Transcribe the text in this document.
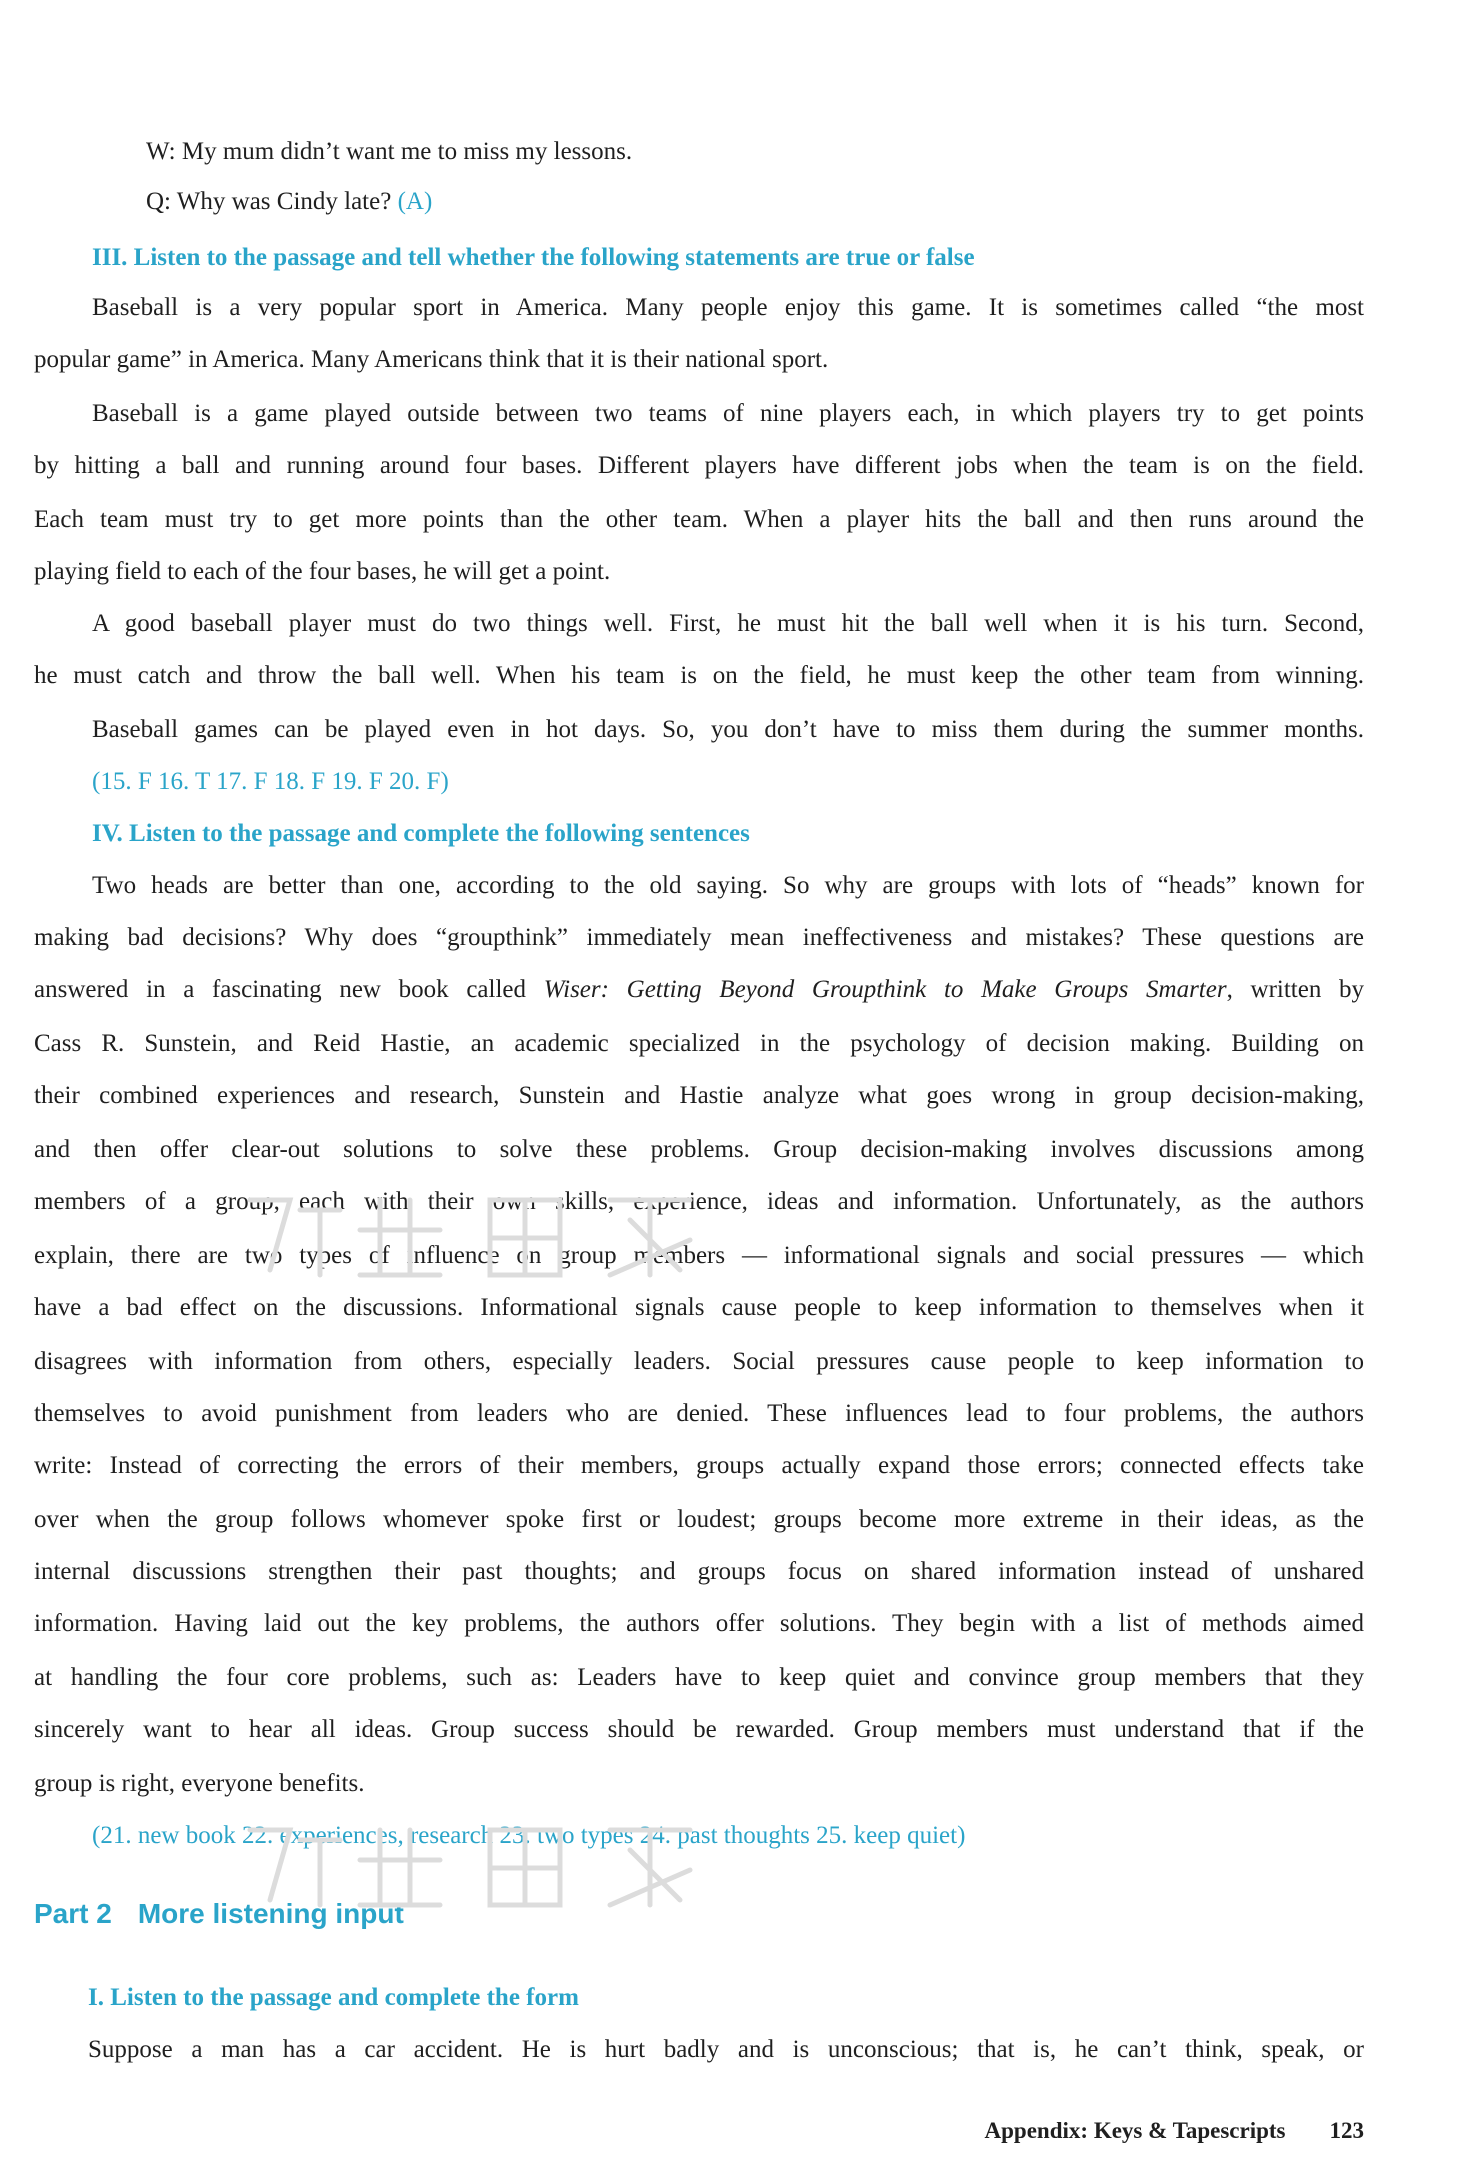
W: My mum didn’t want me to miss my lessons.
Q: Why was Cindy late? (A)
III. Listen to the passage and tell whether the following statements are true or false
Baseball is a very popular sport in America. Many people enjoy this game. It is sometimes called “the most
popular game” in America. Many Americans think that it is their national sport.
Baseball is a game played outside between two teams of nine players each, in which players try to get points
by hitting a ball and running around four bases. Different players have different jobs when the team is on the field.
Each team must try to get more points than the other team. When a player hits the ball and then runs around the
playing field to each of the four bases, he will get a point.
A good baseball player must do two things well. First, he must hit the ball well when it is his turn. Second,
he must catch and throw the ball well. When his team is on the field, he must keep the other team from winning.
Baseball games can be played even in hot days. So, you don’t have to miss them during the summer months.
(15. F 16. T 17. F 18. F 19. F 20. F)
IV. Listen to the passage and complete the following sentences
Two heads are better than one, according to the old saying. So why are groups with lots of “heads” known for
making bad decisions? Why does “groupthink” immediately mean ineffectiveness and mistakes? These questions are
answered in a fascinating new book called Wiser: Getting Beyond Groupthink to Make Groups Smarter, written by
Cass R. Sunstein, and Reid Hastie, an academic specialized in the psychology of decision making. Building on
their combined experiences and research, Sunstein and Hastie analyze what goes wrong in group decision-making,
and then offer clear-out solutions to solve these problems. Group decision-making involves discussions among
members of a group, each with their own skills, experience, ideas and information. Unfortunately, as the authors
explain, there are two types of influence on group members — informational signals and social pressures — which
have a bad effect on the discussions. Informational signals cause people to keep information to themselves when it
disagrees with information from others, especially leaders. Social pressures cause people to keep information to
themselves to avoid punishment from leaders who are denied. These influences lead to four problems, the authors
write: Instead of correcting the errors of their members, groups actually expand those errors; connected effects take
over when the group follows whomever spoke first or loudest; groups become more extreme in their ideas, as the
internal discussions strengthen their past thoughts; and groups focus on shared information instead of unshared
information. Having laid out the key problems, the authors offer solutions. They begin with a list of methods aimed
at handling the four core problems, such as: Leaders have to keep quiet and convince group members that they
sincerely want to hear all ideas. Group success should be rewarded. Group members must understand that if the
group is right, everyone benefits.
(21. new book 22. experiences, research 23. two types 24. past thoughts 25. keep quiet)
Part 2 More listening input
I. Listen to the passage and complete the form
Suppose a man has a car accident. He is hurt badly and is unconscious; that is, he can’t think, speak, or
Appendix: Keys & Tapescripts 123
